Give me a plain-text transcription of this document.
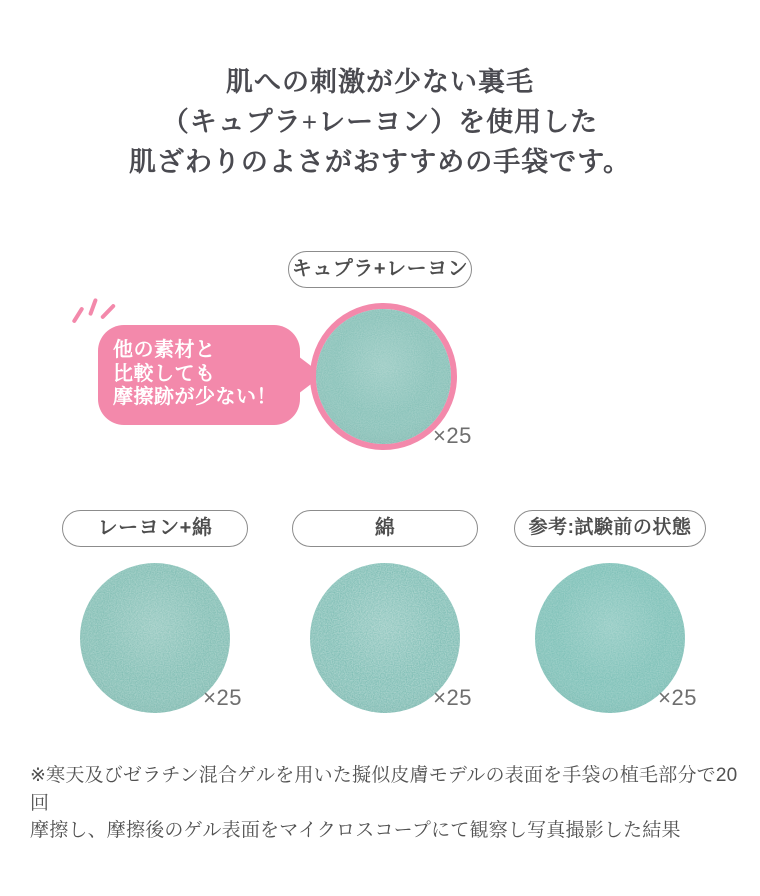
肌への刺激が少ない裏毛
（キュプラ+レーヨン）を使用した
肌ざわりのよさがおすすめの手袋です。
キュプラ+レーヨン
他の素材と
比較しても
摩擦跡が少ない！
×25
レーヨン+綿
×25
綿
×25
参考:試験前の状態
×25
※寒天及びゼラチン混合ゲルを用いた擬似皮膚モデルの表面を手袋の植毛部分で20回
摩擦し、摩擦後のゲル表面をマイクロスコープにて観察し写真撮影した結果
